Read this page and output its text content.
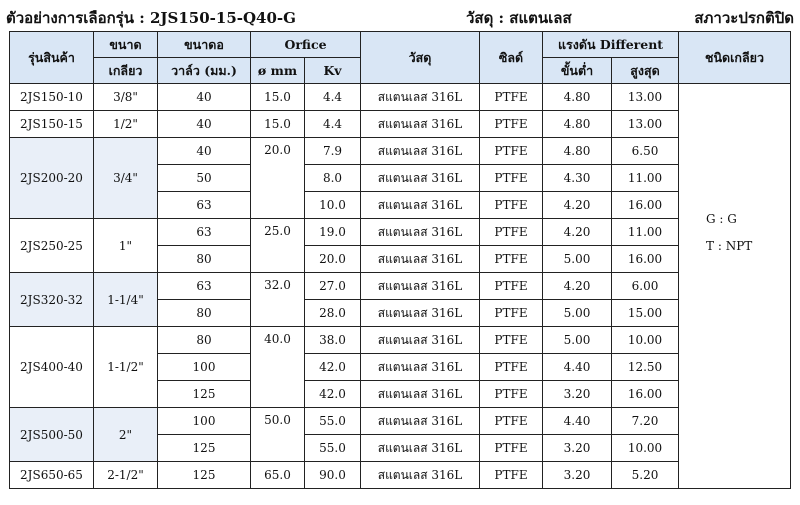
ตัวอย่างการเลือกรุ่น : 2JS150-15-Q40-G	วัสดุ : สแตนเลส	สภาวะปรกติปิด
รุ่นสินค้า	ขนาด	ขนาดอ	Orfice		วัสดุ	ซิลด์	แรงดัน Different		ชนิดเกลียว
	เกลียว	วาล์ว (มม.)	ø mm	Kv			ขั้นต่ำ	สูงสุด	
2JS150-10	3/8"	40	15.0	4.4	สแตนเลส 316L	PTFE	4.80	13.00	G : G
T : NPT

2JS150-15	1/2"	40	15.0	4.4	สแตนเลส 316L	PTFE	4.80	13.00	
2JS200-20	3/4"	40	20.0	7.9	สแตนเลส 316L	PTFE	4.80	6.50	
		50		8.0	สแตนเลส 316L	PTFE	4.30	11.00	
		63		10.0	สแตนเลส 316L	PTFE	4.20	16.00	
2JS250-25	1"	63	25.0	19.0	สแตนเลส 316L	PTFE	4.20	11.00	
		80		20.0	สแตนเลส 316L	PTFE	5.00	16.00	
2JS320-32	1-1/4"	63	32.0	27.0	สแตนเลส 316L	PTFE	4.20	6.00	
		80		28.0	สแตนเลส 316L	PTFE	5.00	15.00	
2JS400-40	1-1/2"	80	40.0	38.0	สแตนเลส 316L	PTFE	5.00	10.00	
		100		42.0	สแตนเลส 316L	PTFE	4.40	12.50	
		125		42.0	สแตนเลส 316L	PTFE	3.20	16.00	
2JS500-50	2"	100	50.0	55.0	สแตนเลส 316L	PTFE	4.40	7.20	
		125		55.0	สแตนเลส 316L	PTFE	3.20	10.00	
2JS650-65	2-1/2"	125	65.0	90.0	สแตนเลส 316L	PTFE	3.20	5.20	
